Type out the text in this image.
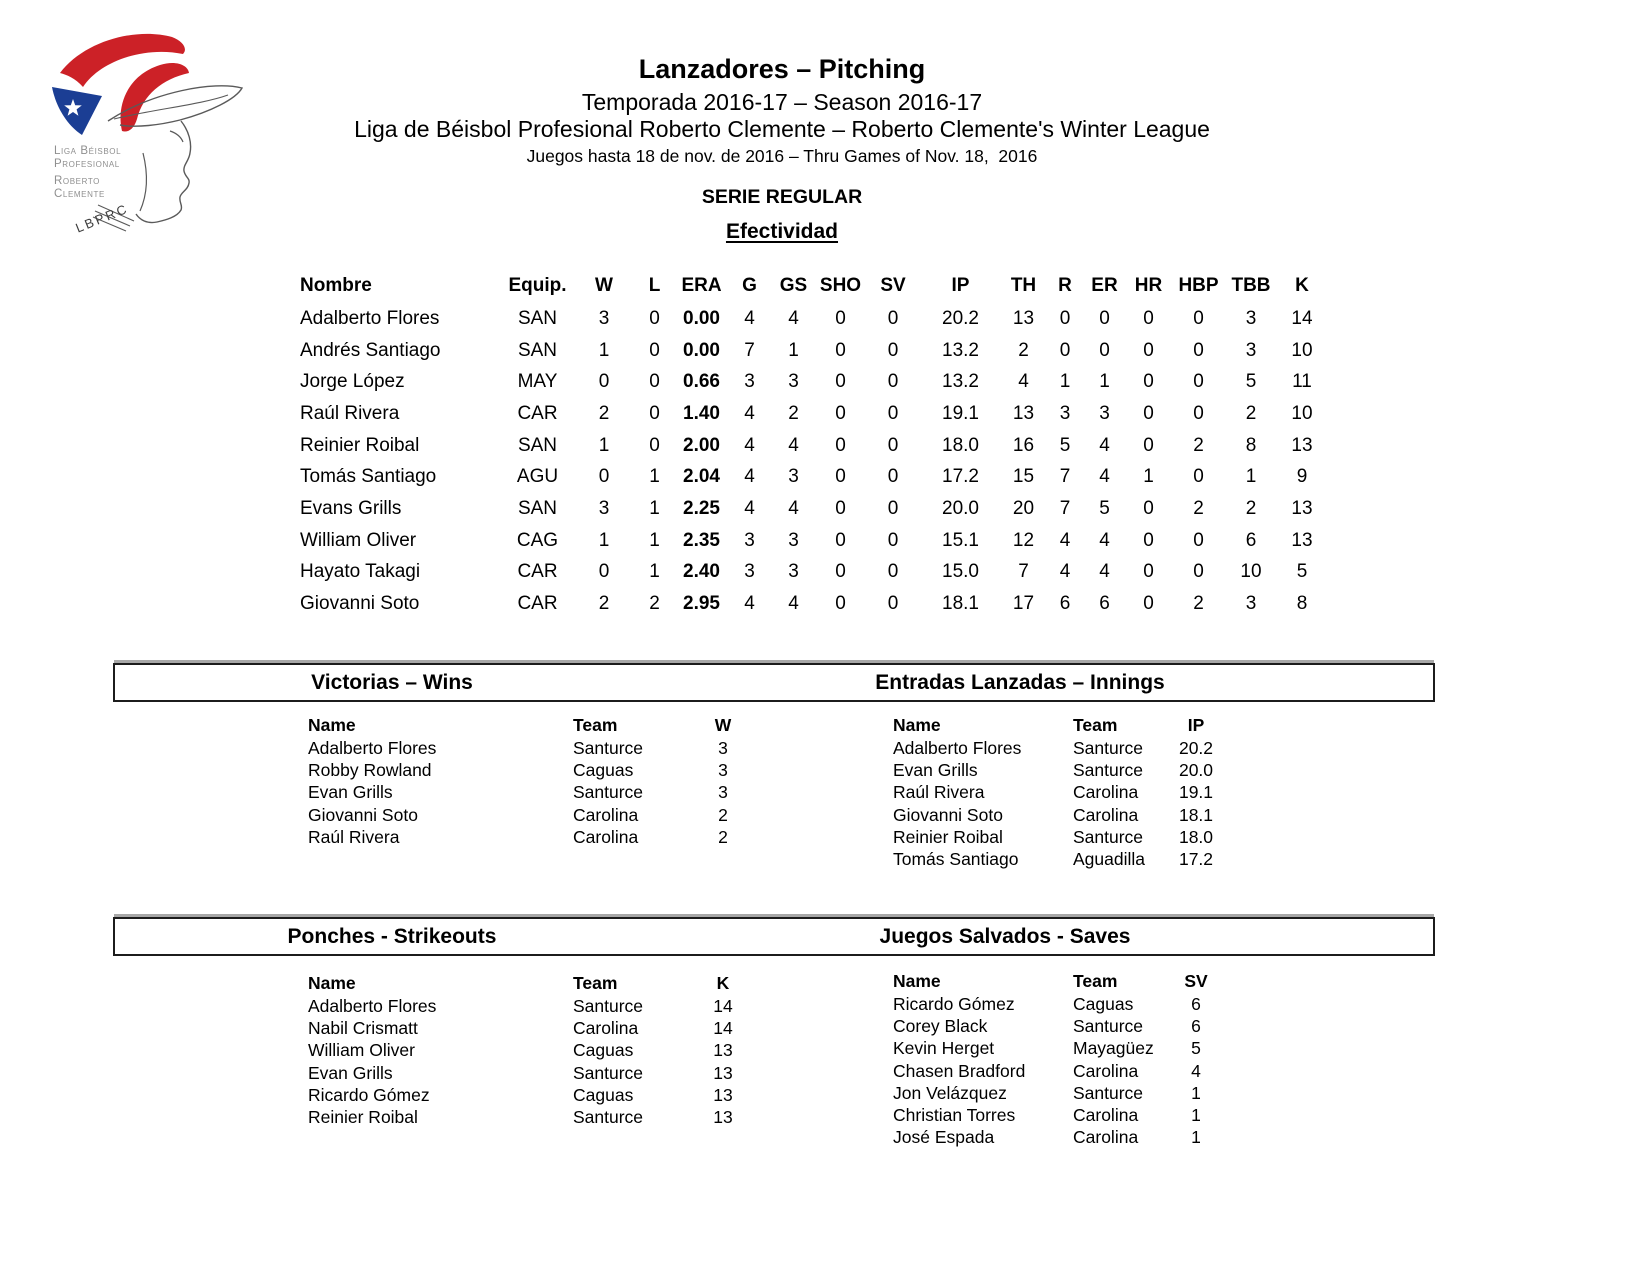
Liga Béisbol
Profesional
Roberto
Clemente
LBPRC
Lanzadores – Pitching
Temporada 2016-17 – Season 2016-17
Liga de Béisbol Profesional Roberto Clemente – Roberto Clemente's Winter League
Juegos hasta 18 de nov. de 2016 – Thru Games of Nov. 18,  2016
SERIE REGULAR
Efectividad
Nombre	Equip.	W	L	ERA	G	GS	SHO	SV	IP	TH	R	ER	HR	HBP	TBB	K
Adalberto Flores	SAN	3	0	0.00	4	4	0	0	20.2	13	0	0	0	0	3	14
Andrés Santiago	SAN	1	0	0.00	7	1	0	0	13.2	2	0	0	0	0	3	10
Jorge López	MAY	0	0	0.66	3	3	0	0	13.2	4	1	1	0	0	5	11
Raúl Rivera	CAR	2	0	1.40	4	2	0	0	19.1	13	3	3	0	0	2	10
Reinier Roibal	SAN	1	0	2.00	4	4	0	0	18.0	16	5	4	0	2	8	13
Tomás Santiago	AGU	0	1	2.04	4	3	0	0	17.2	15	7	4	1	0	1	9
Evans Grills	SAN	3	1	2.25	4	4	0	0	20.0	20	7	5	0	2	2	13
William Oliver	CAG	1	1	2.35	3	3	0	0	15.1	12	4	4	0	0	6	13
Hayato Takagi	CAR	0	1	2.40	3	3	0	0	15.0	7	4	4	0	0	10	5
Giovanni Soto	CAR	2	2	2.95	4	4	0	0	18.1	17	6	6	0	2	3	8
Victorias – Wins	Entradas Lanzadas – Innings
Name	Team	W
Adalberto Flores	Santurce	3
Robby Rowland	Caguas	3
Evan Grills	Santurce	3
Giovanni Soto	Carolina	2
Raúl Rivera	Carolina	2
Name	Team	IP
Adalberto Flores	Santurce	20.2
Evan Grills	Santurce	20.0
Raúl Rivera	Carolina	19.1
Giovanni Soto	Carolina	18.1
Reinier Roibal	Santurce	18.0
Tomás Santiago	Aguadilla	17.2
Ponches - Strikeouts	Juegos Salvados - Saves
Name	Team	K
Adalberto Flores	Santurce	14
Nabil Crismatt	Carolina	14
William Oliver	Caguas	13
Evan Grills	Santurce	13
Ricardo Gómez	Caguas	13
Reinier Roibal	Santurce	13
Name	Team	SV
Ricardo Gómez	Caguas	6
Corey Black	Santurce	6
Kevin Herget	Mayagüez	5
Chasen Bradford	Carolina	4
Jon Velázquez	Santurce	1
Christian Torres	Carolina	1
José Espada	Carolina	1
